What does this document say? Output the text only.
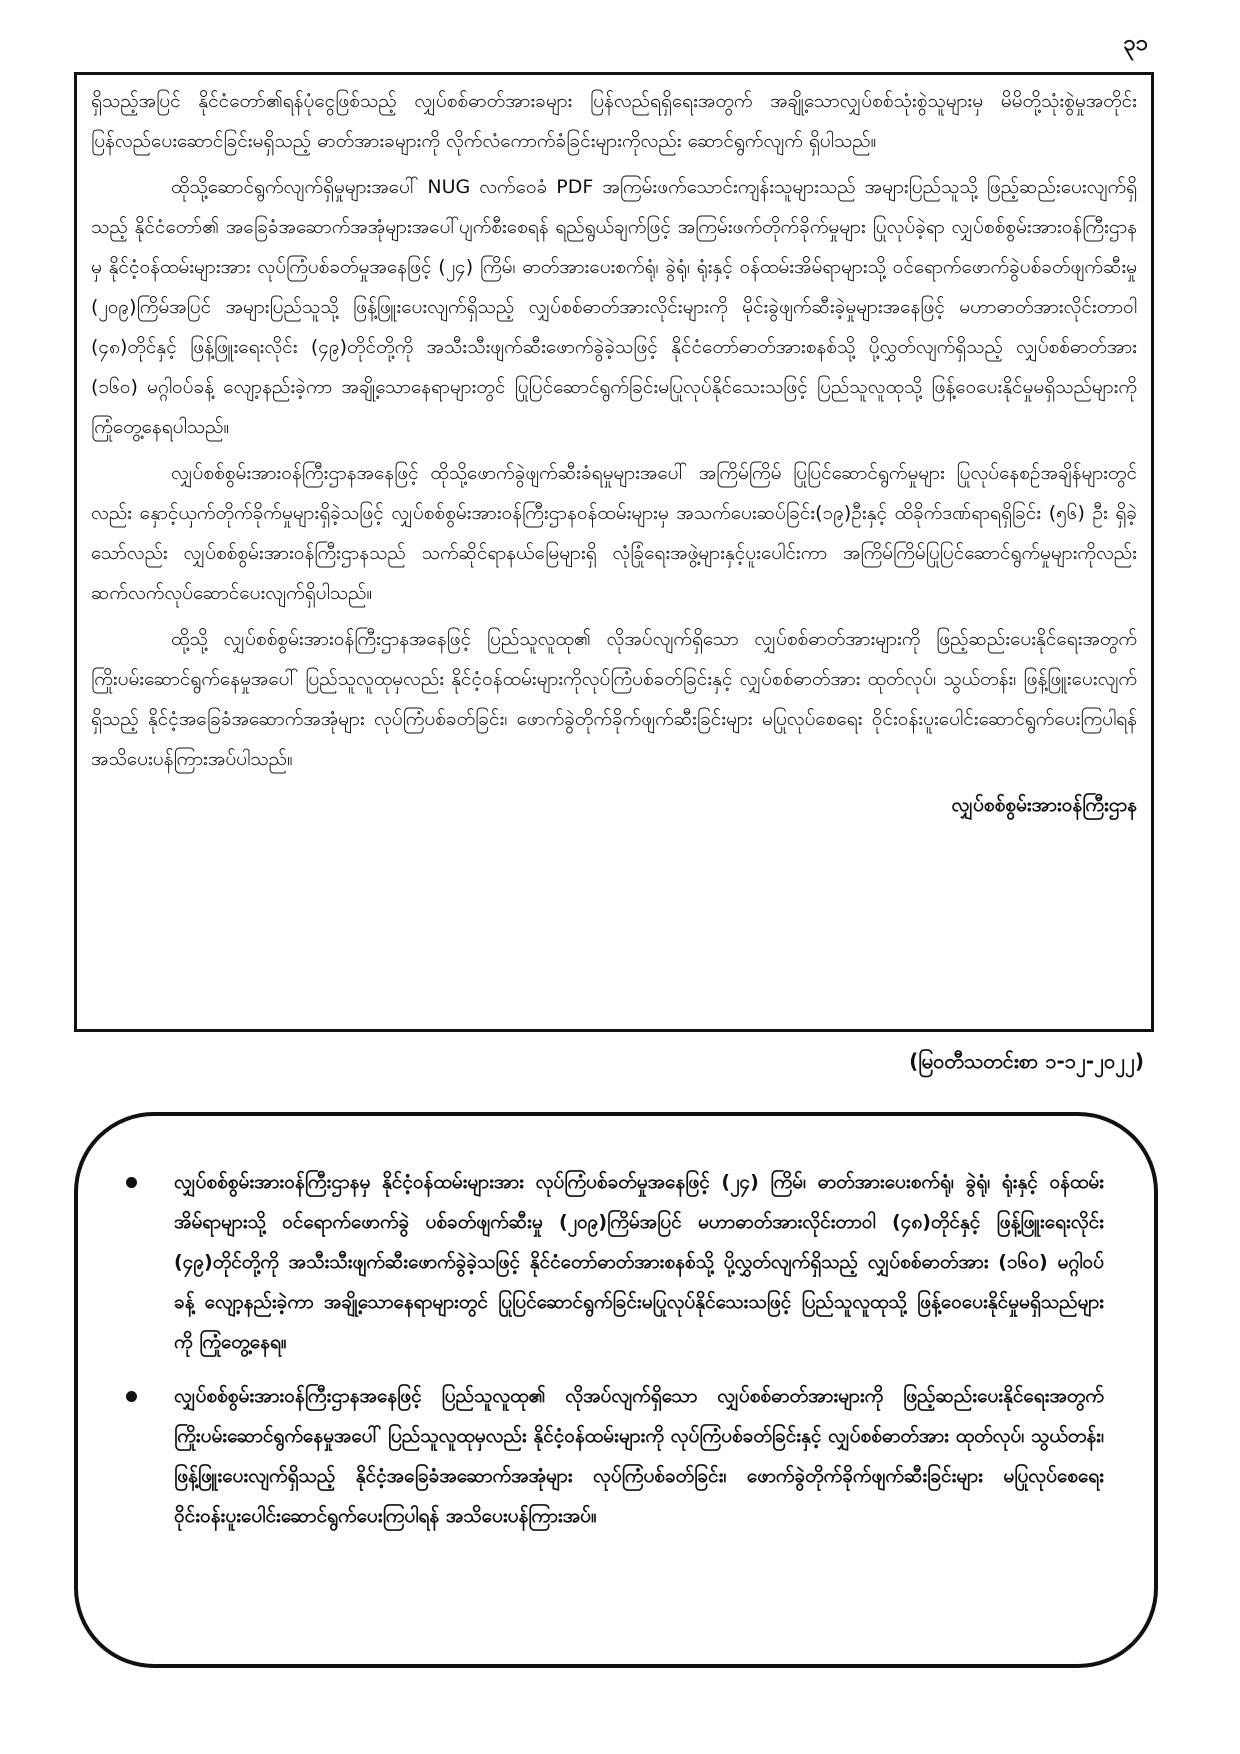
၃၁

ရှိသည့်အပြင် နိုင်ငံတော်၏ရန်ပုံငွေဖြစ်သည့် လျှပ်စစ်ဓာတ်အားခများ ပြန်လည်ရရှိရေးအတွက် အချို့သောလျှပ်စစ်သုံးစွဲသူများမှ မိမိတို့သုံးစွဲမှုအတိုင်း ပြန်လည်ပေးဆောင်ခြင်းမရှိသည့် ဓာတ်အားခများကို လိုက်လံကောက်ခံခြင်းများကိုလည်း ဆောင်ရွက်လျက် ရှိပါသည်။

ထိုသို့ဆောင်ရွက်လျက်ရှိမှုများအပေါ် NUG လက်ဝေခံ PDF အကြမ်းဖက်သောင်းကျန်းသူများသည် အများပြည်သူသို့ ဖြည့်ဆည်းပေးလျက်ရှိသည့် နိုင်ငံတော်၏ အခြေခံအဆောက်အအုံများအပေါ်ပျက်စီးစေရန် ရည်ရွယ်ချက်ဖြင့် အကြမ်းဖက်တိုက်ခိုက်မှုများ ပြုလုပ်ခဲ့ရာ လျှပ်စစ်စွမ်းအားဝန်ကြီးဌာနမှ နိုင်ငံ့ဝန်ထမ်းများအား လုပ်ကြံပစ်ခတ်မှုအနေဖြင့် (၂၄) ကြိမ်၊ ဓာတ်အားပေးစက်ရုံ၊ ခွဲရုံ၊ ရုံးနှင့် ဝန်ထမ်းအိမ်ရာများသို့ ဝင်ရောက်ဖောက်ခွဲပစ်ခတ်ဖျက်ဆီးမှု (၂၀၉)ကြိမ်အပြင် အများပြည်သူသို့ ဖြန့်ဖြူးပေးလျက်ရှိသည့် လျှပ်စစ်ဓာတ်အားလိုင်းများကို မိုင်းခွဲဖျက်ဆီးခဲ့မှုများအနေဖြင့် မဟာဓာတ်အားလိုင်းတာဝါ (၄၈)တိုင်နှင့် ဖြန့်ဖြူးရေးလိုင်း (၄၉)တိုင်တို့ကို အသီးသီးဖျက်ဆီးဖောက်ခွဲခဲ့သဖြင့် နိုင်ငံတော်ဓာတ်အားစနစ်သို့ ပို့လွှတ်လျက်ရှိသည့် လျှပ်စစ်ဓာတ်အား (၁၆၀) မဂ္ဂါဝပ်ခန့် လျော့နည်းခဲ့ကာ အချို့သောနေရာများတွင် ပြုပြင်ဆောင်ရွက်ခြင်းမပြုလုပ်နိုင်သေးသဖြင့် ပြည်သူလူထုသို့ ဖြန့်ဝေပေးနိုင်မှုမရှိသည်များကို ကြုံတွေ့နေရပါသည်။

လျှပ်စစ်စွမ်းအားဝန်ကြီးဌာနအနေဖြင့် ထိုသို့ဖောက်ခွဲဖျက်ဆီးခံရမှုများအပေါ် အကြိမ်ကြိမ် ပြုပြင်ဆောင်ရွက်မှုများ ပြုလုပ်နေစဉ်အချိန်များတွင်လည်း နှောင့်ယှက်တိုက်ခိုက်မှုများရှိခဲ့သဖြင့် လျှပ်စစ်စွမ်းအားဝန်ကြီးဌာနဝန်ထမ်းများမှ အသက်ပေးဆပ်ခြင်း(၁၉)ဦးနှင့် ထိခိုက်ဒဏ်ရာရရှိခြင်း (၅၆) ဦး ရှိခဲ့သော်လည်း လျှပ်စစ်စွမ်းအားဝန်ကြီးဌာနသည် သက်ဆိုင်ရာနယ်မြေများရှိ လုံခြုံရေးအဖွဲ့များနှင့်ပူးပေါင်းကာ အကြိမ်ကြိမ်ပြုပြင်ဆောင်ရွက်မှုများကိုလည်း ဆက်လက်လုပ်ဆောင်ပေးလျက်ရှိပါသည်။

ထို့သို့ လျှပ်စစ်စွမ်းအားဝန်ကြီးဌာနအနေဖြင့် ပြည်သူလူထု၏ လိုအပ်လျက်ရှိသော လျှပ်စစ်ဓာတ်အားများကို ဖြည့်ဆည်းပေးနိုင်ရေးအတွက် ကြိုးပမ်းဆောင်ရွက်နေမှုအပေါ် ပြည်သူလူထုမှလည်း နိုင်ငံ့ဝန်ထမ်းများကိုလုပ်ကြံပစ်ခတ်ခြင်းနှင့် လျှပ်စစ်ဓာတ်အား ထုတ်လုပ်၊ သွယ်တန်း၊ ဖြန့်ဖြူးပေးလျက်ရှိသည့် နိုင်ငံ့အခြေခံအဆောက်အအုံများ လုပ်ကြံပစ်ခတ်ခြင်း၊ ဖောက်ခွဲတိုက်ခိုက်ဖျက်ဆီးခြင်းများ မပြုလုပ်စေရေး ဝိုင်းဝန်းပူးပေါင်းဆောင်ရွက်ပေးကြပါရန် အသိပေးပန်ကြားအပ်ပါသည်။

လျှပ်စစ်စွမ်းအားဝန်ကြီးဌာန
(မြဝတီသတင်းစာ ၁-၁၂-၂၀၂၂)
လျှပ်စစ်စွမ်းအားဝန်ကြီးဌာနမှ နိုင်ငံ့ဝန်ထမ်းများအား လုပ်ကြံပစ်ခတ်မှုအနေဖြင့် (၂၄) ကြိမ်၊ ဓာတ်အားပေးစက်ရုံ၊ ခွဲရုံ၊ ရုံးနှင့် ဝန်ထမ်းအိမ်ရာများသို့ ဝင်ရောက်ဖောက်ခွဲ ပစ်ခတ်ဖျက်ဆီးမှု (၂၀၉)ကြိမ်အပြင် မဟာဓာတ်အားလိုင်းတာဝါ (၄၈)တိုင်နှင့် ဖြန့်ဖြူးရေးလိုင်း (၄၉)တိုင်တို့ကို အသီးသီးဖျက်ဆီးဖောက်ခွဲခဲ့သဖြင့် နိုင်ငံတော်ဓာတ်အားစနစ်သို့ ပို့လွှတ်လျက်ရှိသည့် လျှပ်စစ်ဓာတ်အား (၁၆၀) မဂ္ဂါဝပ်ခန့် လျော့နည်းခဲ့ကာ အချို့သောနေရာများတွင် ပြုပြင်ဆောင်ရွက်ခြင်းမပြုလုပ်နိုင်သေးသဖြင့် ပြည်သူလူထုသို့ ဖြန့်ဝေပေးနိုင်မှုမရှိသည်များကို ကြုံတွေ့နေရ။
လျှပ်စစ်စွမ်းအားဝန်ကြီးဌာနအနေဖြင့် ပြည်သူလူထု၏ လိုအပ်လျက်ရှိသော လျှပ်စစ်ဓာတ်အားများကို ဖြည့်ဆည်းပေးနိုင်ရေးအတွက် ကြိုးပမ်းဆောင်ရွက်နေမှုအပေါ် ပြည်သူလူထုမှလည်း နိုင်ငံ့ဝန်ထမ်းများကို လုပ်ကြံပစ်ခတ်ခြင်းနှင့် လျှပ်စစ်ဓာတ်အား ထုတ်လုပ်၊ သွယ်တန်း၊ ဖြန့်ဖြူးပေးလျက်ရှိသည့် နိုင်ငံ့အခြေခံအဆောက်အအုံများ လုပ်ကြံပစ်ခတ်ခြင်း၊ ဖောက်ခွဲတိုက်ခိုက်ဖျက်ဆီးခြင်းများ မပြုလုပ်စေရေး ဝိုင်းဝန်းပူးပေါင်းဆောင်ရွက်ပေးကြပါရန် အသိပေးပန်ကြားအပ်။
